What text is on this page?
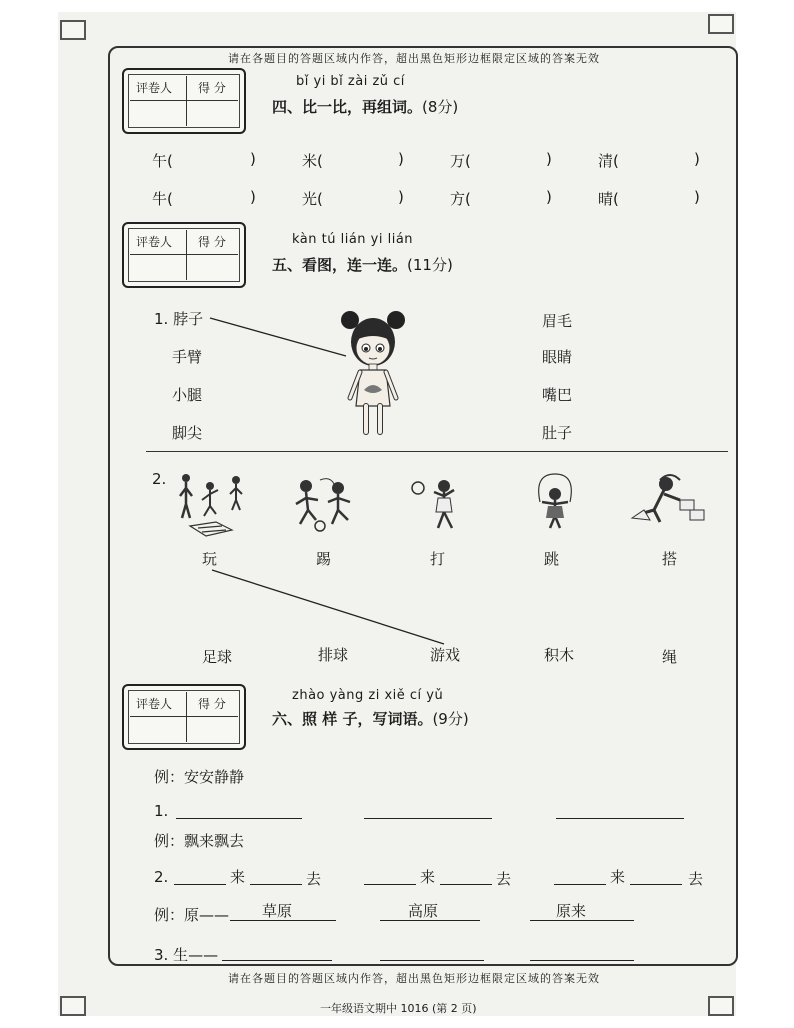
请在各题目的答题区域内作答，超出黑色矩形边框限定区域的答案无效
评卷人 得 分	bǐ yi bǐ zài zǔ cí
四、比一比，再组词。(8分)
午(	)	米(	)	万(	)	清(	)
牛(	)	光(	)	方(	)	晴(	)
评卷人 得 分	kàn tú lián yi lián
五、看图，连一连。(11分)
1. 脖子
手臂
小腿
脚尖
眉毛
眼睛
嘴巴
肚子
2.
玩	踢	打	跳	搭
足球	排球	游戏	积木	绳
评卷人 得 分
zhào yàng zi xiě cí yǔ
六、照 样 子，写词语。(9分)
例：安安静静
1.
例：飘来飘去
2.	来	去	来	去	来	去
例：原—— 草原	高原	原来
3. 生——
请在各题目的答题区域内作答，超出黑色矩形边框限定区域的答案无效
一年级语文期中 1016 (第 2 页)
